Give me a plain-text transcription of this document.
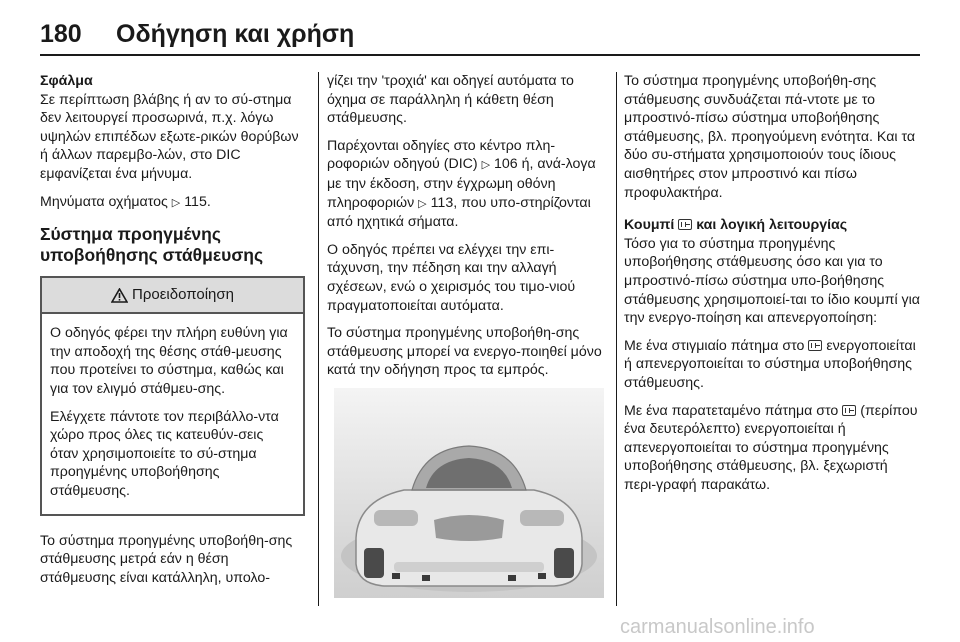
180	Οδήγηση και χρήση

Σφάλμα
Σε περίπτωση βλάβης ή αν το σύ-στημα δεν λειτουργεί προσωρινά, π.χ. λόγω υψηλών επιπέδων εξωτε-ρικών θορύβων ή άλλων παρεμβο-λών, στο DIC εμφανίζεται ένα μήνυμα.

Μηνύματα οχήματος ▷ 115.

Σύστημα προηγμένης υποβοήθησης στάθμευσης
Προειδοποίηση

Ο οδηγός φέρει την πλήρη ευθύνη για την αποδοχή της θέσης στάθ-μευσης που προτείνει το σύστημα, καθώς και για τον ελιγμό στάθμευ-σης.

Ελέγχετε πάντοτε τον περιβάλλο-ντα χώρο προς όλες τις κατευθύν-σεις όταν χρησιμοποιείτε το σύ-στημα προηγμένης υποβοήθησης στάθμευσης.

Το σύστημα προηγμένης υποβοήθη-σης στάθμευσης μετρά εάν η θέση στάθμευσης είναι κατάλληλη, υπολο-

γίζει την 'τροχιά' και οδηγεί αυτόματα το όχημα σε παράλληλη ή κάθετη θέση στάθμευσης.

Παρέχονται οδηγίες στο κέντρο πλη-ροφοριών οδηγού (DIC) ▷ 106 ή, ανά-λογα με την έκδοση, στην έγχρωμη οθόνη πληροφοριών ▷ 113, που υπο-στηρίζονται από ηχητικά σήματα.

Ο οδηγός πρέπει να ελέγχει την επι-τάχυνση, την πέδηση και την αλλαγή σχέσεων, ενώ ο χειρισμός του τιμο-νιού πραγματοποιείται αυτόματα.

Το σύστημα προηγμένης υποβοήθη-σης στάθμευσης μπορεί να ενεργο-ποιηθεί μόνο κατά την οδήγηση προς τα εμπρός.

Το σύστημα προηγμένης υποβοήθη-σης στάθμευσης συνδυάζεται πά-ντοτε με το μπροστινό-πίσω σύστημα υποβοήθησης στάθμευσης, βλ. προηγούμενη ενότητα. Και τα δύο συ-στήματα χρησιμοποιούν τους ίδιους αισθητήρες στον μπροστινό και πίσω προφυλακτήρα.

Κουμπί και λογική λειτουργίας
Τόσο για το σύστημα προηγμένης υποβοήθησης στάθμευσης όσο και για το μπροστινό-πίσω σύστημα υπο-βοήθησης στάθμευσης χρησιμοποιεί-ται το ίδιο κουμπί για την ενεργο-ποίηση και απενεργοποίηση:

Με ένα στιγμιαίο πάτημα στο ενεργοποιείται ή απενεργοποιείται το σύστημα υποβοήθησης στάθμευσης.

Με ένα παρατεταμένο πάτημα στο (περίπου ένα δευτερόλεπτο) ενεργοποιείται ή απενεργοποιείται το σύστημα προηγμένης υποβοήθησης στάθμευσης, βλ. ξεχωριστή περι-γραφή παρακάτω.

carmanualsonline.info
